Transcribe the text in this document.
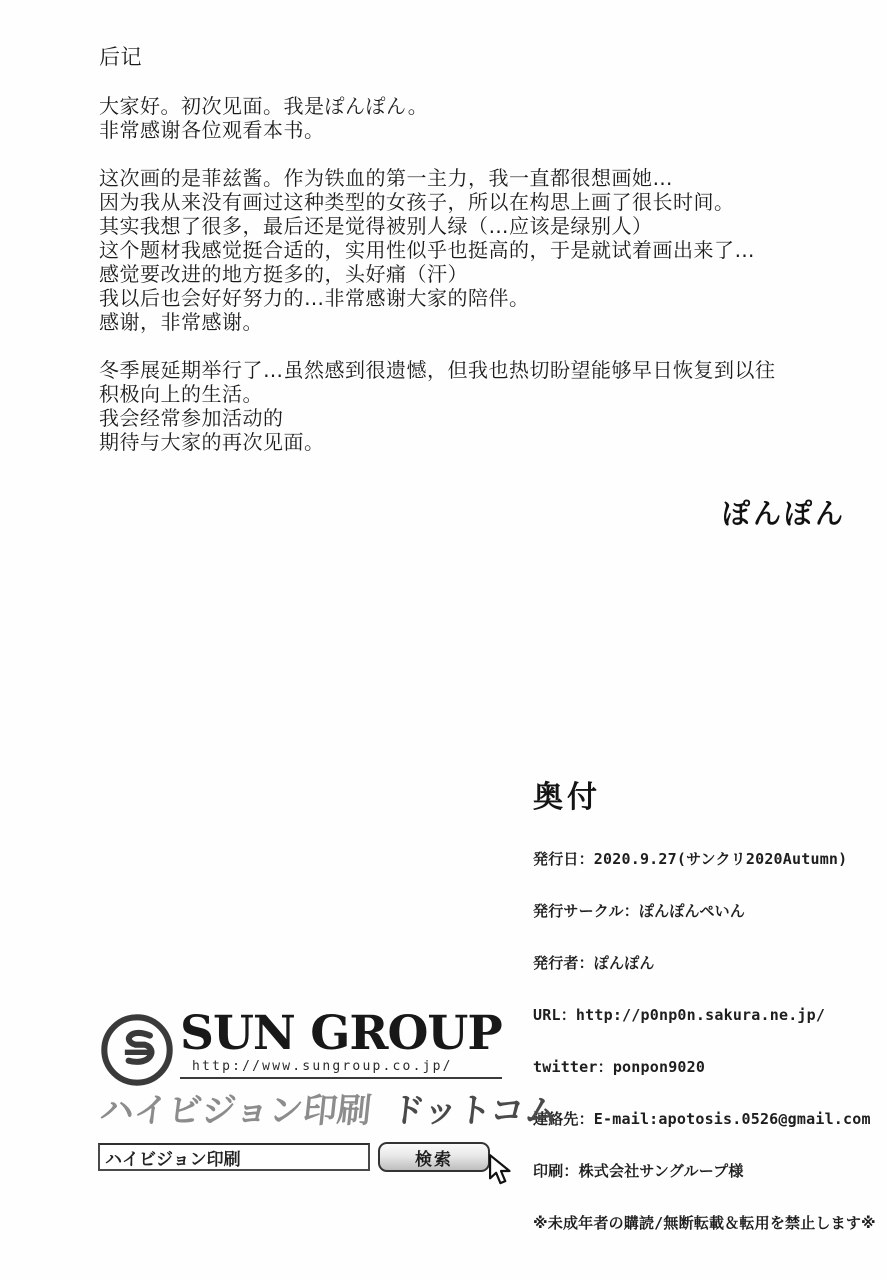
后记
大家好。初次见面。我是ぽんぽん。
非常感谢各位观看本书。
这次画的是菲兹酱。作为铁血的第一主力，我一直都很想画她…
因为我从来没有画过这种类型的女孩子，所以在构思上画了很长时间。
其实我想了很多，最后还是觉得被别人绿（…应该是绿别人）
这个题材我感觉挺合适的，实用性似乎也挺高的，于是就试着画出来了…
感觉要改进的地方挺多的，头好痛（汗）
我以后也会好好努力的…非常感谢大家的陪伴。
感谢，非常感谢。
冬季展延期举行了…虽然感到很遗憾，但我也热切盼望能够早日恢复到以往
积极向上的生活。
我会经常参加活动的
期待与大家的再次见面。
ぽんぽん
奥付
発行日：2020.9.27(サンクリ2020Autumn)
発行サークル：ぽんぽんぺいん
発行者：ぽんぽん
URL：http://p0np0n.sakura.ne.jp/
twitter：ponpon9020
連絡先：E-mail:apotosis.0526@gmail.com
印刷：株式会社サングループ様
※未成年者の購読/無断転載＆転用を禁止します※
SUN GROUP
http://www.sungroup.co.jp/
ハイビジョン印刷 ドットコム
ハイビジョン印刷
検索
